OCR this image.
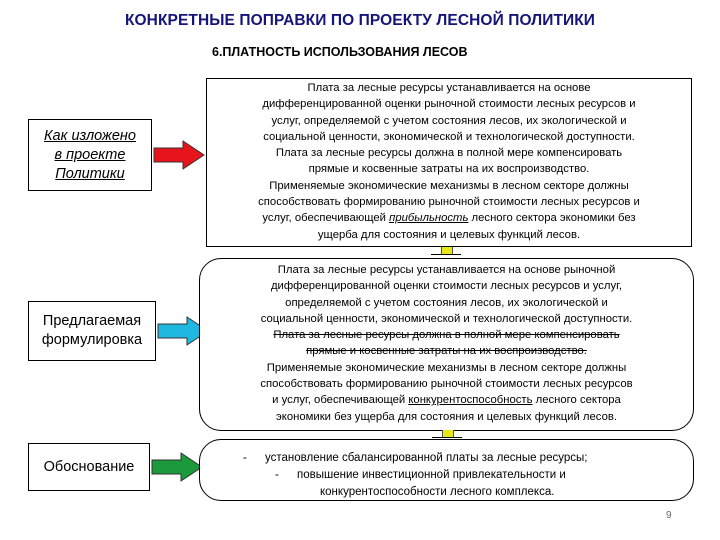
КОНКРЕТНЫЕ ПОПРАВКИ ПО ПРОЕКТУ ЛЕСНОЙ ПОЛИТИКИ
6.ПЛАТНОСТЬ ИСПОЛЬЗОВАНИЯ ЛЕСОВ
Как изложено
в проекте
Политики
Предлагаемая
формулировка
Обоснование
Плата за лесные ресурсы устанавливается на основе
дифференцированной оценки рыночной стоимости лесных ресурсов и
услуг, определяемой с учетом состояния лесов, их экологической и
социальной ценности, экономической и технологической доступности.
Плата за лесные ресурсы должна в полной мере компенсировать
прямые и косвенные затраты на их воспроизводство.
Применяемые экономические механизмы в лесном секторе должны
способствовать формированию рыночной стоимости лесных ресурсов и
услуг, обеспечивающей прибыльность лесного сектора экономики без
ущерба для состояния и целевых функций лесов.
Плата за лесные ресурсы устанавливается на основе рыночной
дифференцированной оценки стоимости лесных ресурсов и услуг,
определяемой с учетом состояния лесов, их экологической и
социальной ценности, экономической и технологической доступности.
Плата за лесные ресурсы должна в полной мере компенсировать
прямые и косвенные затраты на их воспроизводство.
Применяемые экономические механизмы в лесном секторе должны
способствовать формированию рыночной стоимости лесных ресурсов
и услуг, обеспечивающей конкурентоспособность лесного сектора
экономики без ущерба для состояния и целевых функций лесов.
-	установление сбалансированной платы за лесные ресурсы;
-	повышение инвестиционной привлекательности и
конкурентоспособности лесного комплекса.
9
